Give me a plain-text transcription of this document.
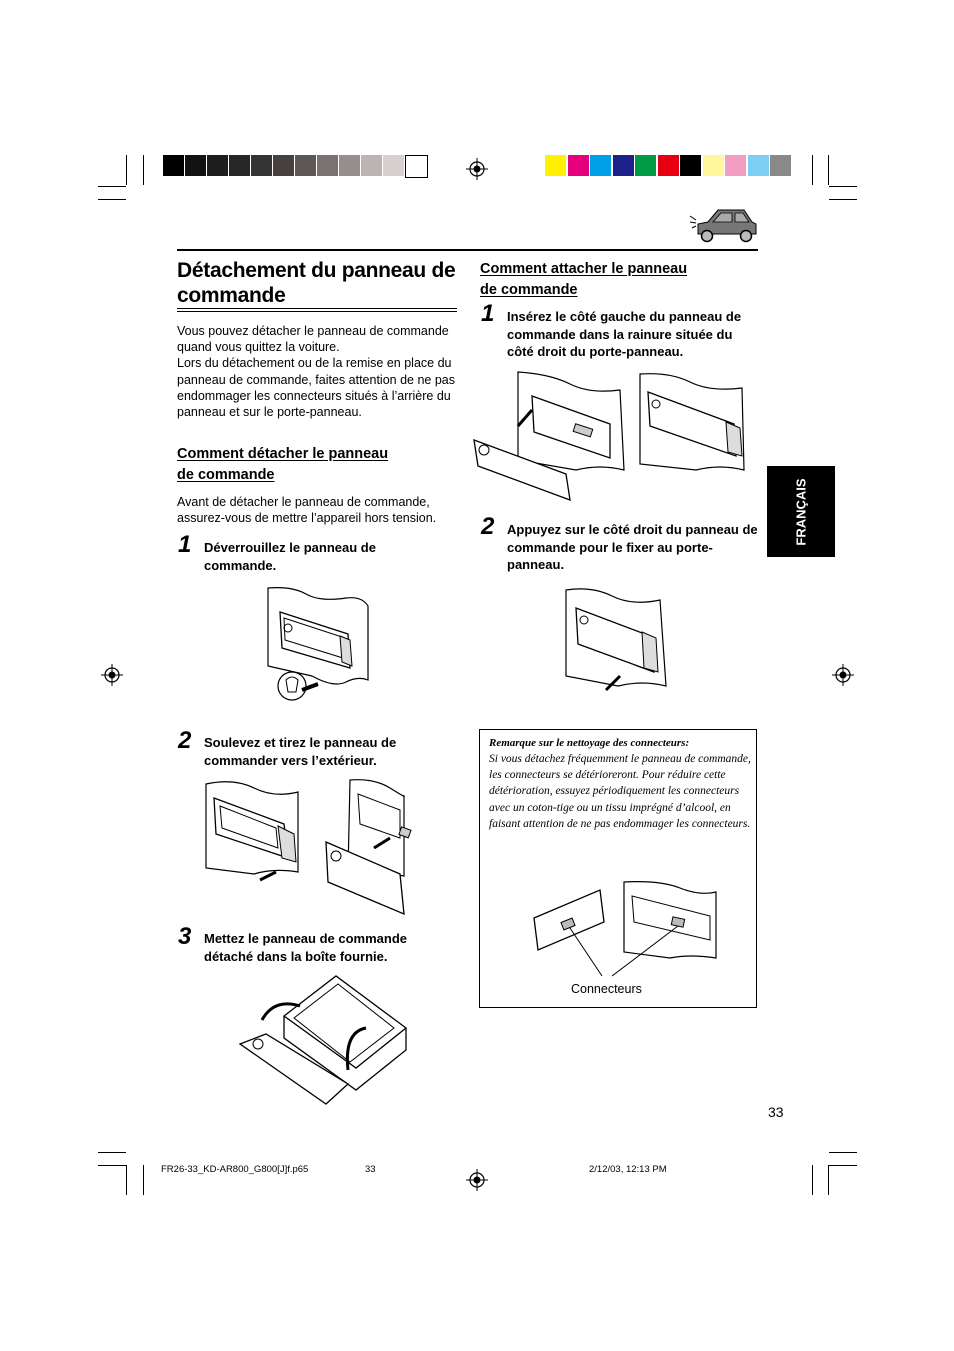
Détachement du panneau de commande
Vous pouvez détacher le panneau de commande quand vous quittez la voiture.
Lors du détachement ou de la remise en place du panneau de commande, faites attention de ne pas endommager les connecteurs situés à l’arrière du panneau et sur le porte-panneau.
Comment détacher le panneau
de commande
Avant de détacher le panneau de commande, assurez-vous de mettre l’appareil hors tension.
1 Déverrouillez le panneau de commande.
2 Soulevez et tirez le panneau de commander vers l’extérieur.
3 Mettez le panneau de commande détaché dans la boîte fournie.
Comment attacher le panneau
de commande
1 Insérez le côté gauche du panneau de commande dans la rainure située du côté droit du porte-panneau.
2 Appuyez sur le côté droit du panneau de commande pour le fixer au porte-panneau.
Remarque sur le nettoyage des connecteurs:
Si vous détachez fréquemment le panneau de commande, les connecteurs se détérioreront. Pour réduire cette détérioration, essuyez périodiquement les connecteurs avec un coton-tige ou un tissu imprégné d’alcool, en faisant attention de ne pas endommager les connecteurs.
Connecteurs
FRANÇAIS
33
FR26-33_KD-AR800_G800[J]f.p65	33	2/12/03, 12:13 PM
